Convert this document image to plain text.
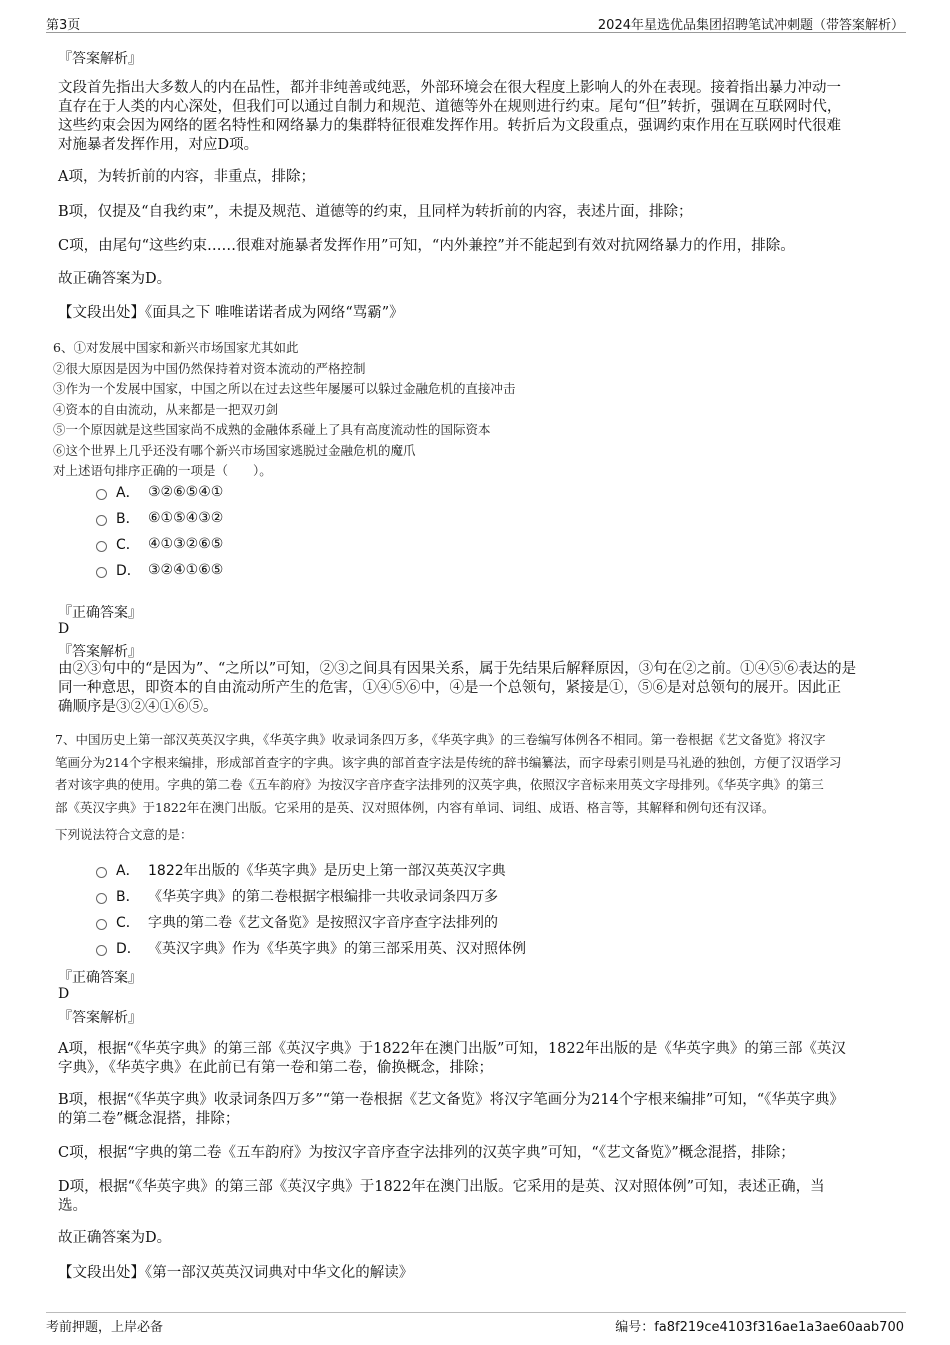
第3页	2024年星选优品集团招聘笔试冲刺题（带答案解析）
『答案解析』

文段首先指出大多数人的内在品性，都并非纯善或纯恶，外部环境会在很大程度上影响人的外在表现。接着指出暴力冲动一

直存在于人类的内心深处，但我们可以通过自制力和规范、道德等外在规则进行约束。尾句“但”转折，强调在互联网时代，

这些约束会因为网络的匿名特性和网络暴力的集群特征很难发挥作用。转折后为文段重点，强调约束作用在互联网时代很难

对施暴者发挥作用，对应D项。

A项，为转折前的内容，非重点，排除；
B项，仅提及“自我约束”，未提及规范、道德等的约束，且同样为转折前的内容，表述片面，排除；
C项，由尾句“这些约束……很难对施暴者发挥作用”可知，“内外兼控”并不能起到有效对抗网络暴力的作用，排除。
故正确答案为D。
【文段出处】《面具之下 唯唯诺诺者成为网络“骂霸”》

6、①对发展中国家和新兴市场国家尤其如此

②很大原因是因为中国仍然保持着对资本流动的严格控制

③作为一个发展中国家，中国之所以在过去这些年屡屡可以躲过金融危机的直接冲击

④资本的自由流动，从来都是一把双刃剑

⑤一个原因就是这些国家尚不成熟的金融体系碰上了具有高度流动性的国际资本

⑥这个世界上几乎还没有哪个新兴市场国家逃脱过金融危机的魔爪

对上述语句排序正确的一项是（　　）。

A． ③②⑥⑤④①
B． ⑥①⑤④③②
C． ④①③②⑥⑤
D． ③②④①⑥⑤
『正确答案』
D
『答案解析』

由②③句中的“是因为”、“之所以”可知，②③之间具有因果关系，属于先结果后解释原因，③句在②之前。①④⑤⑥表达的是

同一种意思，即资本的自由流动所产生的危害，①④⑤⑥中，④是一个总领句，紧接是①，⑤⑥是对总领句的展开。因此正

确顺序是③②④①⑥⑤。

7、中国历史上第一部汉英英汉字典，《华英字典》收录词条四万多，《华英字典》的三卷编写体例各不相同。第一卷根据《艺文备览》将汉字

笔画分为214个字根来编排，形成部首查字的字典。该字典的部首查字法是传统的辞书编纂法，而字母索引则是马礼逊的独创，方便了汉语学习

者对该字典的使用。字典的第二卷《五车韵府》为按汉字音序查字法排列的汉英字典，依照汉字音标来用英文字母排列。《华英字典》的第三

部《英汉字典》于1822年在澳门出版。它采用的是英、汉对照体例，内容有单词、词组、成语、格言等，其解释和例句还有汉译。

下列说法符合文意的是：
A． 1822年出版的《华英字典》是历史上第一部汉英英汉字典
B． 《华英字典》的第二卷根据字根编排一共收录词条四万多
C． 字典的第二卷《艺文备览》是按照汉字音序查字法排列的
D． 《英汉字典》作为《华英字典》的第三部采用英、汉对照体例
『正确答案』
D
『答案解析』

A项，根据“《华英字典》的第三部《英汉字典》于1822年在澳门出版”可知，1822年出版的是《华英字典》的第三部《英汉

字典》，《华英字典》在此前已有第一卷和第二卷，偷换概念，排除；

B项，根据“《华英字典》收录词条四万多”“第一卷根据《艺文备览》将汉字笔画分为214个字根来编排”可知，“《华英字典》

的第二卷”概念混搭，排除；

C项，根据“字典的第二卷《五车韵府》为按汉字音序查字法排列的汉英字典”可知，“《艺文备览》”概念混搭，排除；

D项，根据“《华英字典》的第三部《英汉字典》于1822年在澳门出版。它采用的是英、汉对照体例”可知，表述正确，当

选。

故正确答案为D。
【文段出处】《第一部汉英英汉词典对中华文化的解读》
考前押题，上岸必备	编号：fa8f219ce4103f316ae1a3ae60aab700
